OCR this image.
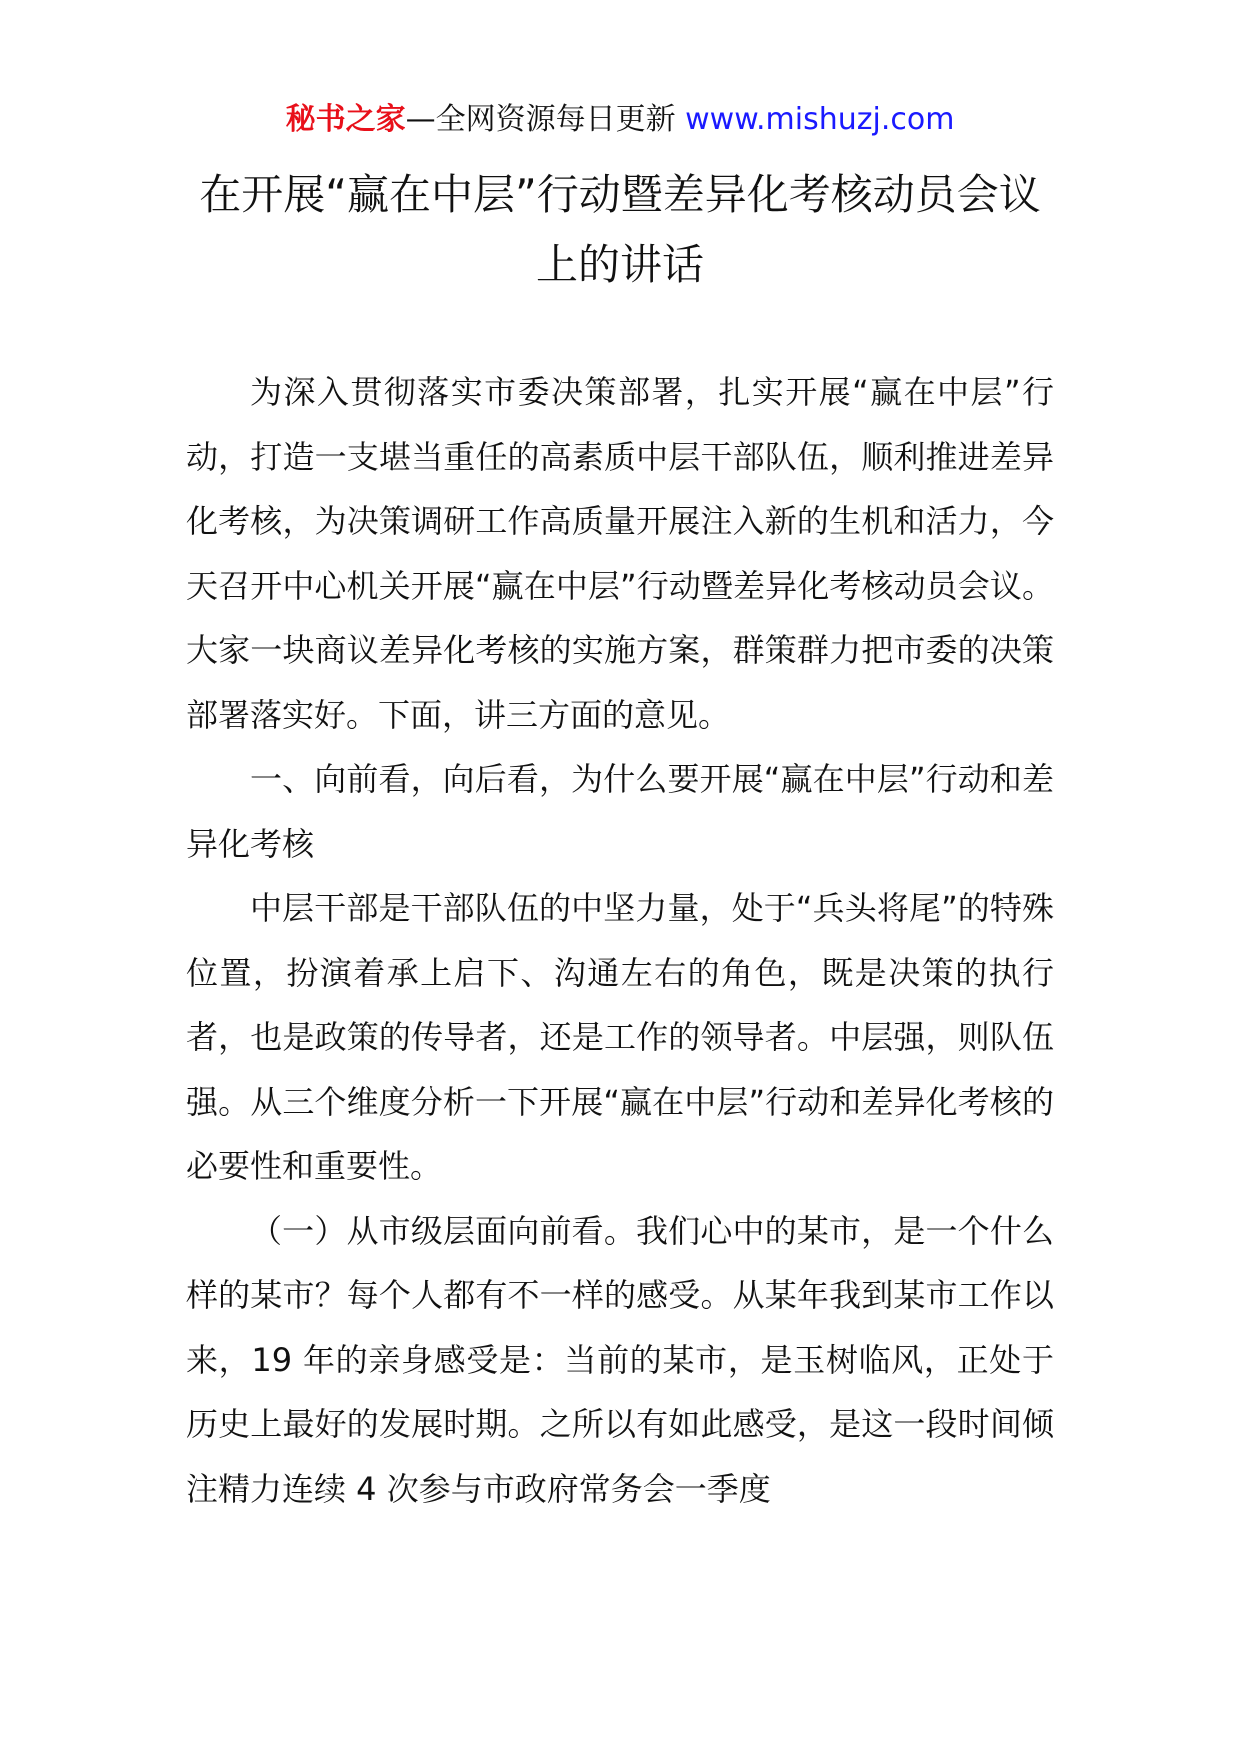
秘书之家—全网资源每日更新 www.mishuzj.com
在开展“赢在中层”行动暨差异化考核动员会议上的讲话

为深入贯彻落实市委决策部署，扎实开展“赢在中层”行动，打造一支堪当重任的高素质中层干部队伍，顺利推进差异化考核，为决策调研工作高质量开展注入新的生机和活力，今天召开中心机关开展“赢在中层”行动暨差异化考核动员会议。大家一块商议差异化考核的实施方案，群策群力把市委的决策部署落实好。下面，讲三方面的意见。

一、向前看，向后看，为什么要开展“赢在中层”行动和差异化考核

中层干部是干部队伍的中坚力量，处于“兵头将尾”的特殊位置，扮演着承上启下、沟通左右的角色，既是决策的执行者，也是政策的传导者，还是工作的领导者。中层强，则队伍强。从三个维度分析一下开展“赢在中层”行动和差异化考核的必要性和重要性。

（一）从市级层面向前看。我们心中的某市，是一个什么样的某市？每个人都有不一样的感受。从某年我到某市工作以来，19 年的亲身感受是：当前的某市，是玉树临风，正处于历史上最好的发展时期。之所以有如此感受，是这一段时间倾注精力连续 4 次参与市政府常务会一季度
